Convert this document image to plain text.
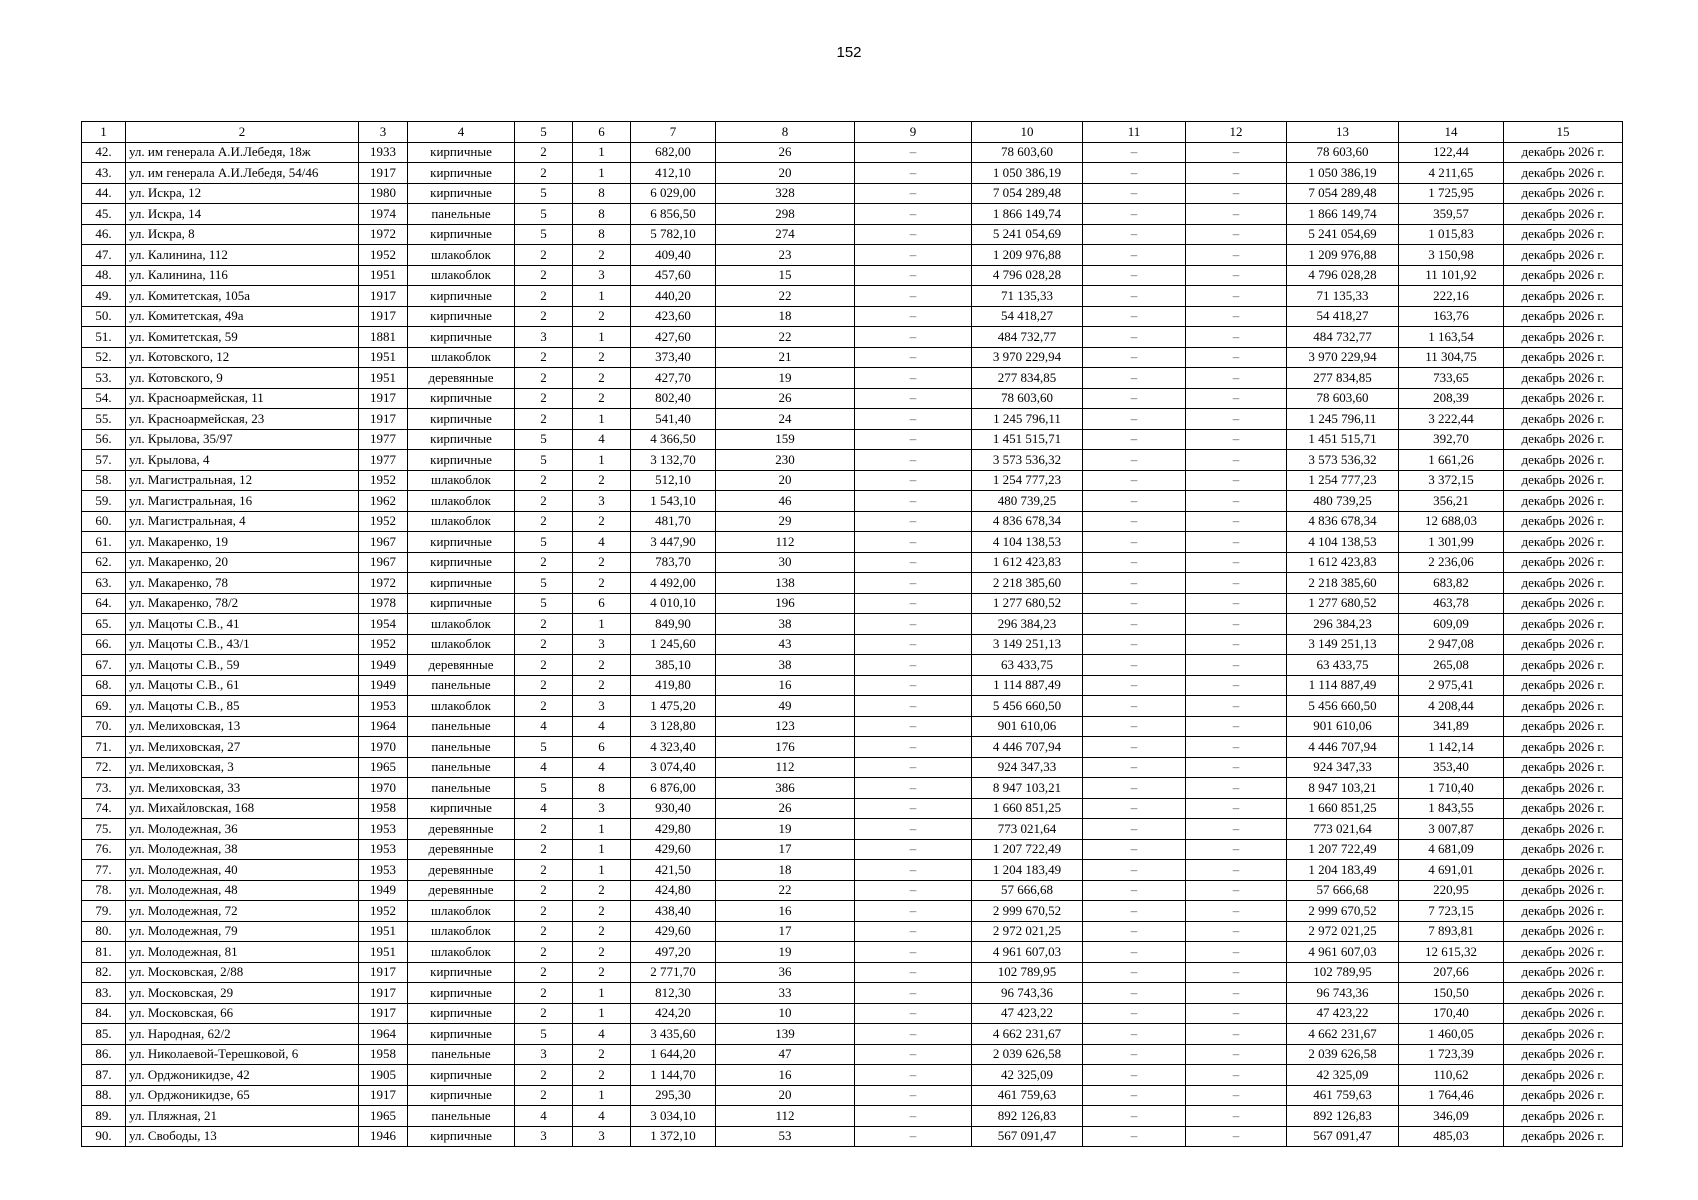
152
1	2	3	4	5	6	7	8	9	10	11	12	13	14	15
42.	ул. им генерала А.И.Лебедя, 18ж	1933	кирпичные	2	1	682,00	26	–	78 603,60	–	–	78 603,60	122,44	декабрь 2026 г.
43.	ул. им генерала А.И.Лебедя, 54/46	1917	кирпичные	2	1	412,10	20	–	1 050 386,19	–	–	1 050 386,19	4 211,65	декабрь 2026 г.
44.	ул. Искра, 12	1980	кирпичные	5	8	6 029,00	328	–	7 054 289,48	–	–	7 054 289,48	1 725,95	декабрь 2026 г.
45.	ул. Искра, 14	1974	панельные	5	8	6 856,50	298	–	1 866 149,74	–	–	1 866 149,74	359,57	декабрь 2026 г.
46.	ул. Искра, 8	1972	кирпичные	5	8	5 782,10	274	–	5 241 054,69	–	–	5 241 054,69	1 015,83	декабрь 2026 г.
47.	ул. Калинина, 112	1952	шлакоблок	2	2	409,40	23	–	1 209 976,88	–	–	1 209 976,88	3 150,98	декабрь 2026 г.
48.	ул. Калинина, 116	1951	шлакоблок	2	3	457,60	15	–	4 796 028,28	–	–	4 796 028,28	11 101,92	декабрь 2026 г.
49.	ул. Комитетская, 105а	1917	кирпичные	2	1	440,20	22	–	71 135,33	–	–	71 135,33	222,16	декабрь 2026 г.
50.	ул. Комитетская, 49а	1917	кирпичные	2	2	423,60	18	–	54 418,27	–	–	54 418,27	163,76	декабрь 2026 г.
51.	ул. Комитетская, 59	1881	кирпичные	3	1	427,60	22	–	484 732,77	–	–	484 732,77	1 163,54	декабрь 2026 г.
52.	ул. Котовского, 12	1951	шлакоблок	2	2	373,40	21	–	3 970 229,94	–	–	3 970 229,94	11 304,75	декабрь 2026 г.
53.	ул. Котовского, 9	1951	деревянные	2	2	427,70	19	–	277 834,85	–	–	277 834,85	733,65	декабрь 2026 г.
54.	ул. Красноармейская, 11	1917	кирпичные	2	2	802,40	26	–	78 603,60	–	–	78 603,60	208,39	декабрь 2026 г.
55.	ул. Красноармейская, 23	1917	кирпичные	2	1	541,40	24	–	1 245 796,11	–	–	1 245 796,11	3 222,44	декабрь 2026 г.
56.	ул. Крылова, 35/97	1977	кирпичные	5	4	4 366,50	159	–	1 451 515,71	–	–	1 451 515,71	392,70	декабрь 2026 г.
57.	ул. Крылова, 4	1977	кирпичные	5	1	3 132,70	230	–	3 573 536,32	–	–	3 573 536,32	1 661,26	декабрь 2026 г.
58.	ул. Магистральная, 12	1952	шлакоблок	2	2	512,10	20	–	1 254 777,23	–	–	1 254 777,23	3 372,15	декабрь 2026 г.
59.	ул. Магистральная, 16	1962	шлакоблок	2	3	1 543,10	46	–	480 739,25	–	–	480 739,25	356,21	декабрь 2026 г.
60.	ул. Магистральная, 4	1952	шлакоблок	2	2	481,70	29	–	4 836 678,34	–	–	4 836 678,34	12 688,03	декабрь 2026 г.
61.	ул. Макаренко, 19	1967	кирпичные	5	4	3 447,90	112	–	4 104 138,53	–	–	4 104 138,53	1 301,99	декабрь 2026 г.
62.	ул. Макаренко, 20	1967	кирпичные	2	2	783,70	30	–	1 612 423,83	–	–	1 612 423,83	2 236,06	декабрь 2026 г.
63.	ул. Макаренко, 78	1972	кирпичные	5	2	4 492,00	138	–	2 218 385,60	–	–	2 218 385,60	683,82	декабрь 2026 г.
64.	ул. Макаренко, 78/2	1978	кирпичные	5	6	4 010,10	196	–	1 277 680,52	–	–	1 277 680,52	463,78	декабрь 2026 г.
65.	ул. Мацоты С.В., 41	1954	шлакоблок	2	1	849,90	38	–	296 384,23	–	–	296 384,23	609,09	декабрь 2026 г.
66.	ул. Мацоты С.В., 43/1	1952	шлакоблок	2	3	1 245,60	43	–	3 149 251,13	–	–	3 149 251,13	2 947,08	декабрь 2026 г.
67.	ул. Мацоты С.В., 59	1949	деревянные	2	2	385,10	38	–	63 433,75	–	–	63 433,75	265,08	декабрь 2026 г.
68.	ул. Мацоты С.В., 61	1949	панельные	2	2	419,80	16	–	1 114 887,49	–	–	1 114 887,49	2 975,41	декабрь 2026 г.
69.	ул. Мацоты С.В., 85	1953	шлакоблок	2	3	1 475,20	49	–	5 456 660,50	–	–	5 456 660,50	4 208,44	декабрь 2026 г.
70.	ул. Мелиховская, 13	1964	панельные	4	4	3 128,80	123	–	901 610,06	–	–	901 610,06	341,89	декабрь 2026 г.
71.	ул. Мелиховская, 27	1970	панельные	5	6	4 323,40	176	–	4 446 707,94	–	–	4 446 707,94	1 142,14	декабрь 2026 г.
72.	ул. Мелиховская, 3	1965	панельные	4	4	3 074,40	112	–	924 347,33	–	–	924 347,33	353,40	декабрь 2026 г.
73.	ул. Мелиховская, 33	1970	панельные	5	8	6 876,00	386	–	8 947 103,21	–	–	8 947 103,21	1 710,40	декабрь 2026 г.
74.	ул. Михайловская, 168	1958	кирпичные	4	3	930,40	26	–	1 660 851,25	–	–	1 660 851,25	1 843,55	декабрь 2026 г.
75.	ул. Молодежная, 36	1953	деревянные	2	1	429,80	19	–	773 021,64	–	–	773 021,64	3 007,87	декабрь 2026 г.
76.	ул. Молодежная, 38	1953	деревянные	2	1	429,60	17	–	1 207 722,49	–	–	1 207 722,49	4 681,09	декабрь 2026 г.
77.	ул. Молодежная, 40	1953	деревянные	2	1	421,50	18	–	1 204 183,49	–	–	1 204 183,49	4 691,01	декабрь 2026 г.
78.	ул. Молодежная, 48	1949	деревянные	2	2	424,80	22	–	57 666,68	–	–	57 666,68	220,95	декабрь 2026 г.
79.	ул. Молодежная, 72	1952	шлакоблок	2	2	438,40	16	–	2 999 670,52	–	–	2 999 670,52	7 723,15	декабрь 2026 г.
80.	ул. Молодежная, 79	1951	шлакоблок	2	2	429,60	17	–	2 972 021,25	–	–	2 972 021,25	7 893,81	декабрь 2026 г.
81.	ул. Молодежная, 81	1951	шлакоблок	2	2	497,20	19	–	4 961 607,03	–	–	4 961 607,03	12 615,32	декабрь 2026 г.
82.	ул. Московская, 2/88	1917	кирпичные	2	2	2 771,70	36	–	102 789,95	–	–	102 789,95	207,66	декабрь 2026 г.
83.	ул. Московская, 29	1917	кирпичные	2	1	812,30	33	–	96 743,36	–	–	96 743,36	150,50	декабрь 2026 г.
84.	ул. Московская, 66	1917	кирпичные	2	1	424,20	10	–	47 423,22	–	–	47 423,22	170,40	декабрь 2026 г.
85.	ул. Народная, 62/2	1964	кирпичные	5	4	3 435,60	139	–	4 662 231,67	–	–	4 662 231,67	1 460,05	декабрь 2026 г.
86.	ул. Николаевой-Терешковой, 6	1958	панельные	3	2	1 644,20	47	–	2 039 626,58	–	–	2 039 626,58	1 723,39	декабрь 2026 г.
87.	ул. Орджоникидзе, 42	1905	кирпичные	2	2	1 144,70	16	–	42 325,09	–	–	42 325,09	110,62	декабрь 2026 г.
88.	ул. Орджоникидзе, 65	1917	кирпичные	2	1	295,30	20	–	461 759,63	–	–	461 759,63	1 764,46	декабрь 2026 г.
89.	ул. Пляжная, 21	1965	панельные	4	4	3 034,10	112	–	892 126,83	–	–	892 126,83	346,09	декабрь 2026 г.
90.	ул. Свободы, 13	1946	кирпичные	3	3	1 372,10	53	–	567 091,47	–	–	567 091,47	485,03	декабрь 2026 г.
